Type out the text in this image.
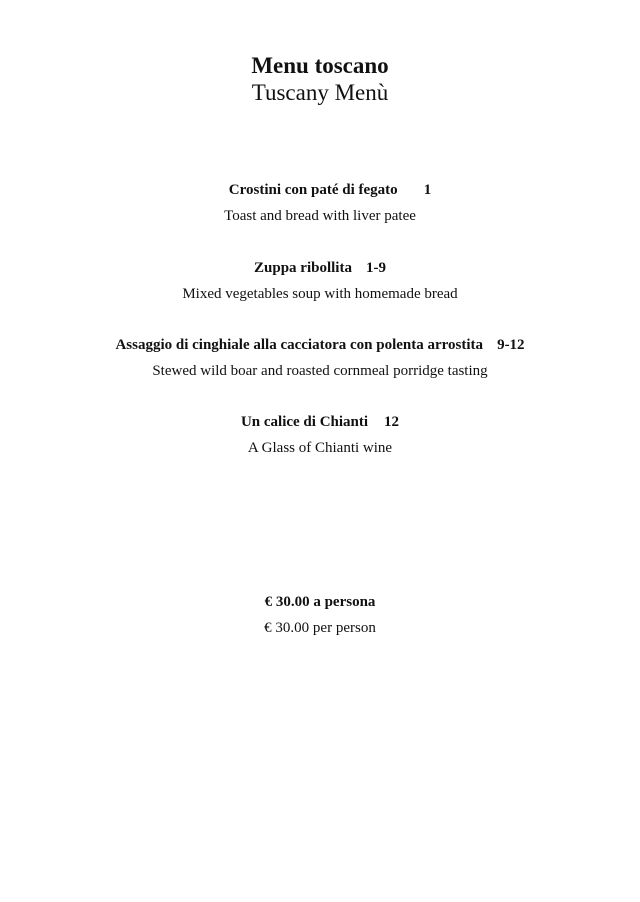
Menu toscano
Tuscany Menù
Crostini con paté di fegato 1
Toast and bread with liver patee
Zuppa ribollita 1-9
Mixed vegetables soup with homemade bread
Assaggio di cinghiale alla cacciatora con polenta arrostita 9-12
Stewed wild boar and roasted cornmeal porridge tasting
Un calice di Chianti 12
A Glass of Chianti wine
€ 30.00 a persona
€ 30.00 per person
